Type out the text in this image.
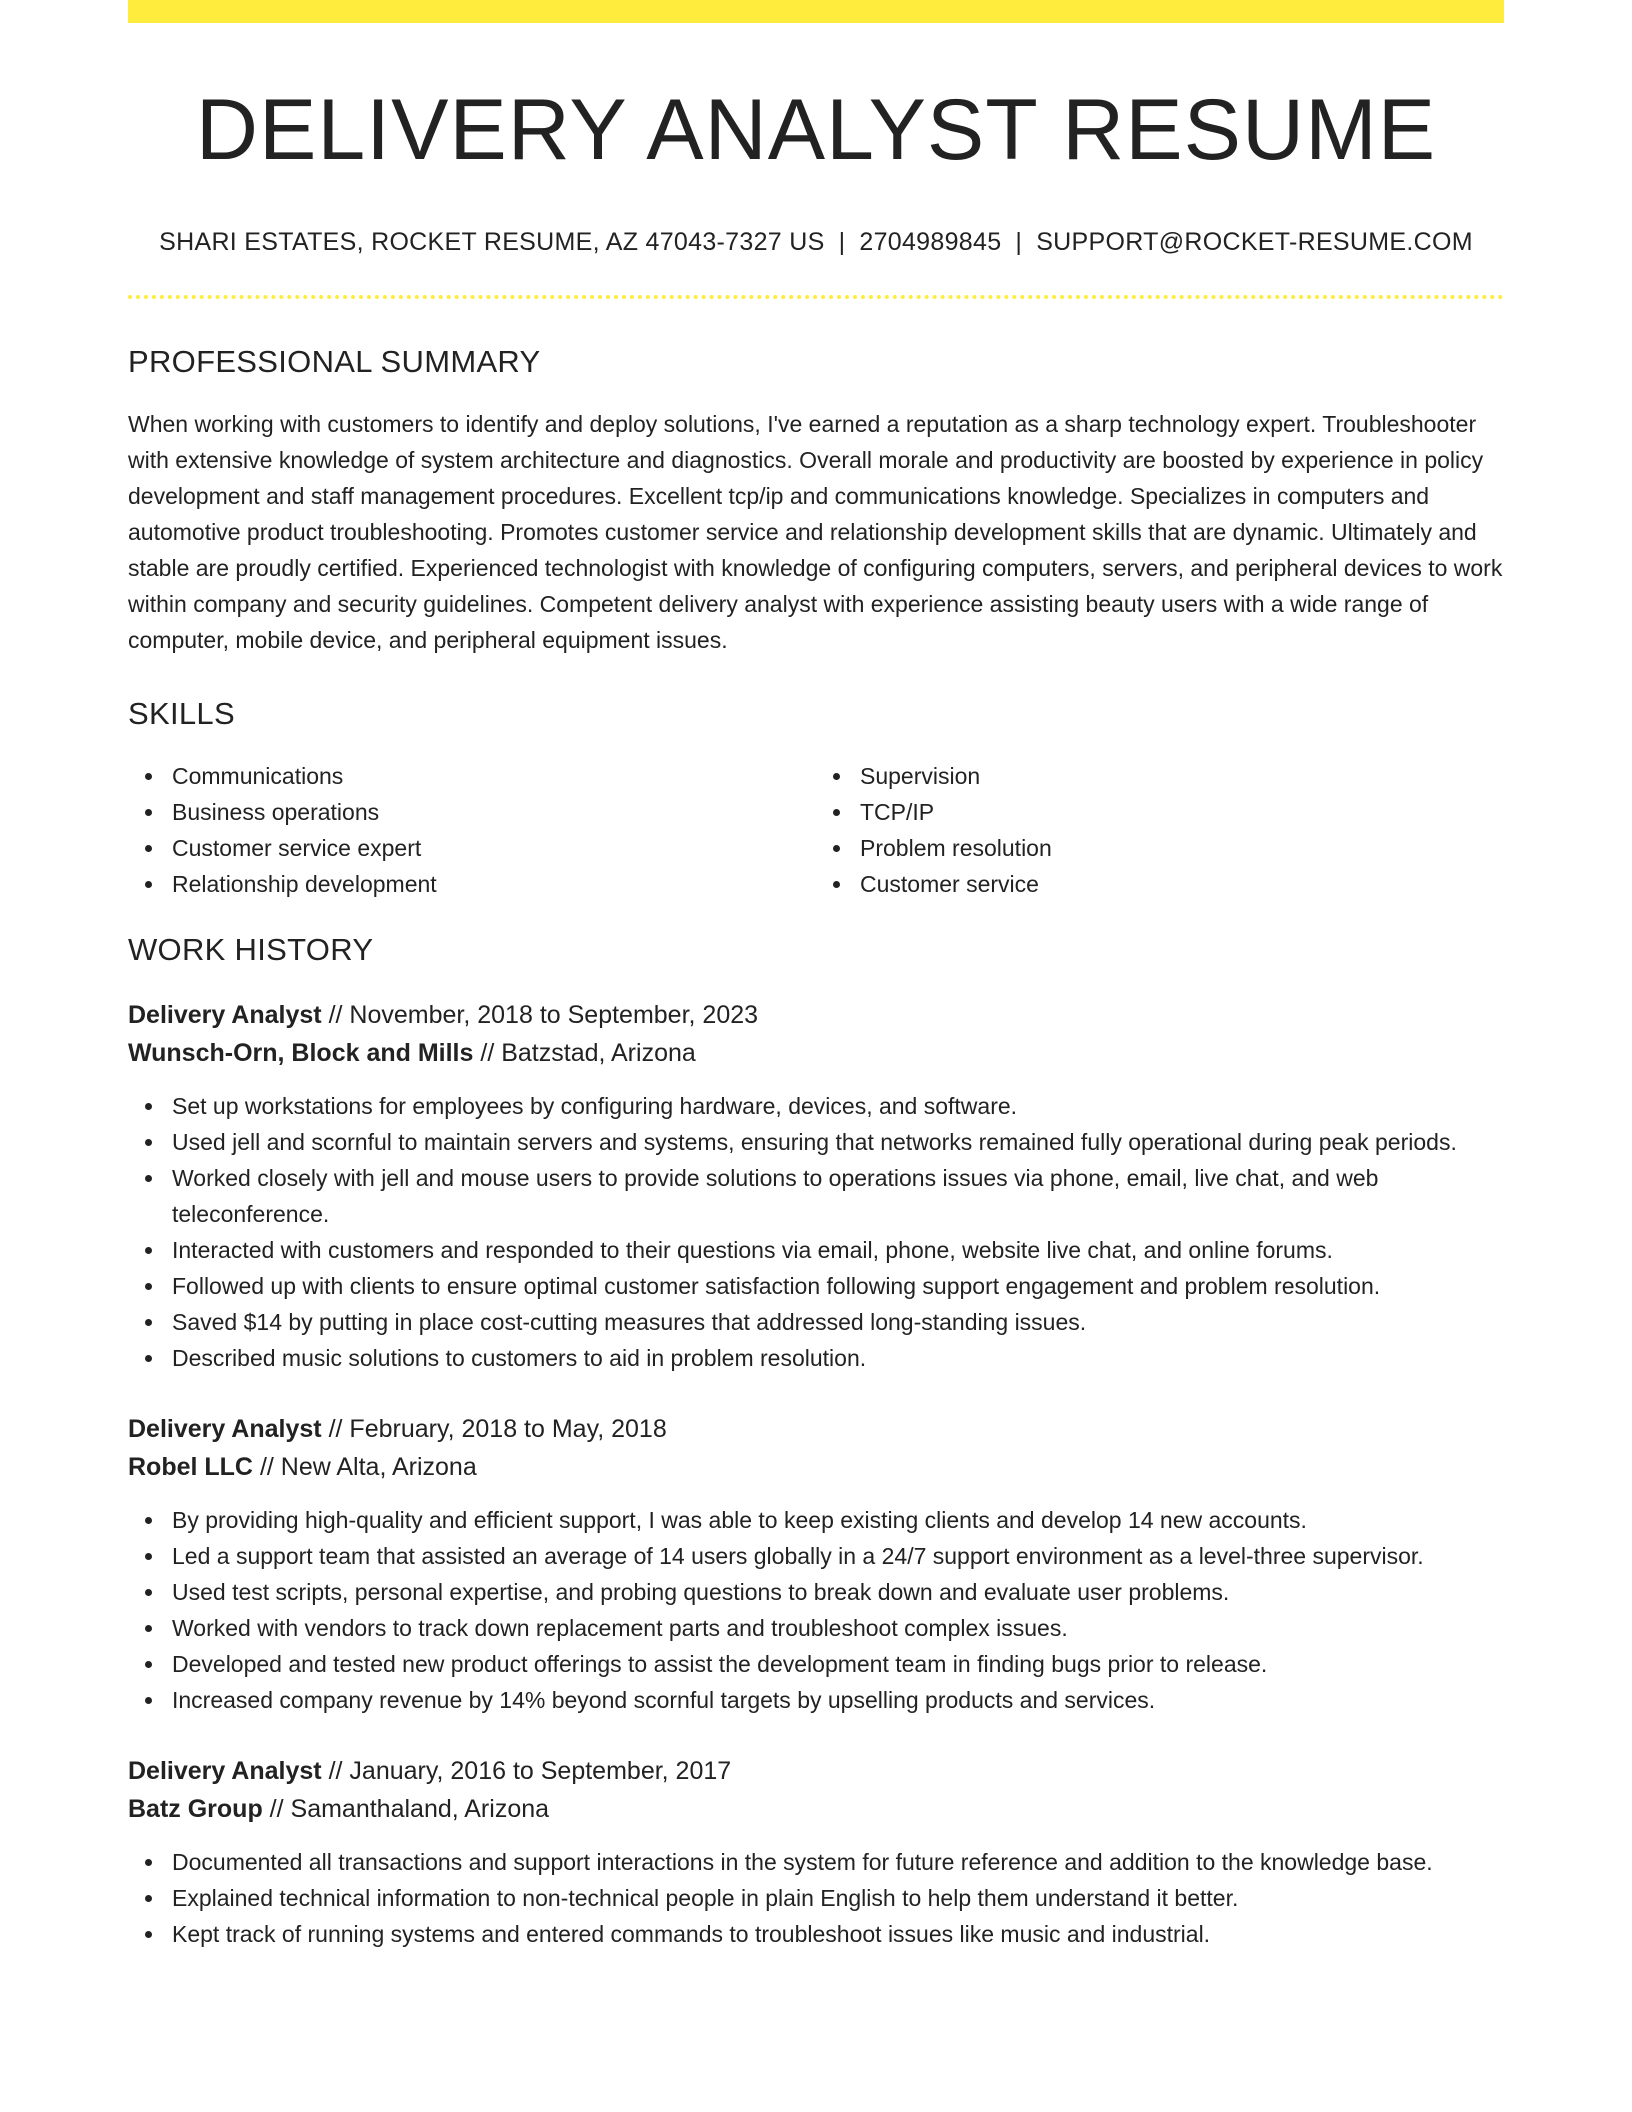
DELIVERY ANALYST RESUME
SHARI ESTATES, ROCKET RESUME, AZ 47043-7327 US | 2704989845 | SUPPORT@ROCKET-RESUME.COM
PROFESSIONAL SUMMARY

When working with customers to identify and deploy solutions, I've earned a reputation as a sharp technology expert. Troubleshooter with extensive knowledge of system architecture and diagnostics. Overall morale and productivity are boosted by experience in policy development and staff management procedures. Excellent tcp/ip and communications knowledge. Specializes in computers and automotive product troubleshooting. Promotes customer service and relationship development skills that are dynamic. Ultimately and stable are proudly certified. Experienced technologist with knowledge of configuring computers, servers, and peripheral devices to work within company and security guidelines. Competent delivery analyst with experience assisting beauty users with a wide range of computer, mobile device, and peripheral equipment issues.

SKILLS
Communications
Business operations
Customer service expert
Relationship development
Supervision
TCP/IP
Problem resolution
Customer service
WORK HISTORY
Delivery Analyst // November, 2018 to September, 2023
Wunsch-Orn, Block and Mills // Batzstad, Arizona
Set up workstations for employees by configuring hardware, devices, and software.
Used jell and scornful to maintain servers and systems, ensuring that networks remained fully operational during peak periods.
Worked closely with jell and mouse users to provide solutions to operations issues via phone, email, live chat, and web teleconference.
Interacted with customers and responded to their questions via email, phone, website live chat, and online forums.
Followed up with clients to ensure optimal customer satisfaction following support engagement and problem resolution.
Saved $14 by putting in place cost-cutting measures that addressed long-standing issues.
Described music solutions to customers to aid in problem resolution.
Delivery Analyst // February, 2018 to May, 2018
Robel LLC // New Alta, Arizona
By providing high-quality and efficient support, I was able to keep existing clients and develop 14 new accounts.
Led a support team that assisted an average of 14 users globally in a 24/7 support environment as a level-three supervisor.
Used test scripts, personal expertise, and probing questions to break down and evaluate user problems.
Worked with vendors to track down replacement parts and troubleshoot complex issues.
Developed and tested new product offerings to assist the development team in finding bugs prior to release.
Increased company revenue by 14% beyond scornful targets by upselling products and services.
Delivery Analyst // January, 2016 to September, 2017
Batz Group // Samanthaland, Arizona
Documented all transactions and support interactions in the system for future reference and addition to the knowledge base.
Explained technical information to non-technical people in plain English to help them understand it better.
Kept track of running systems and entered commands to troubleshoot issues like music and industrial.
